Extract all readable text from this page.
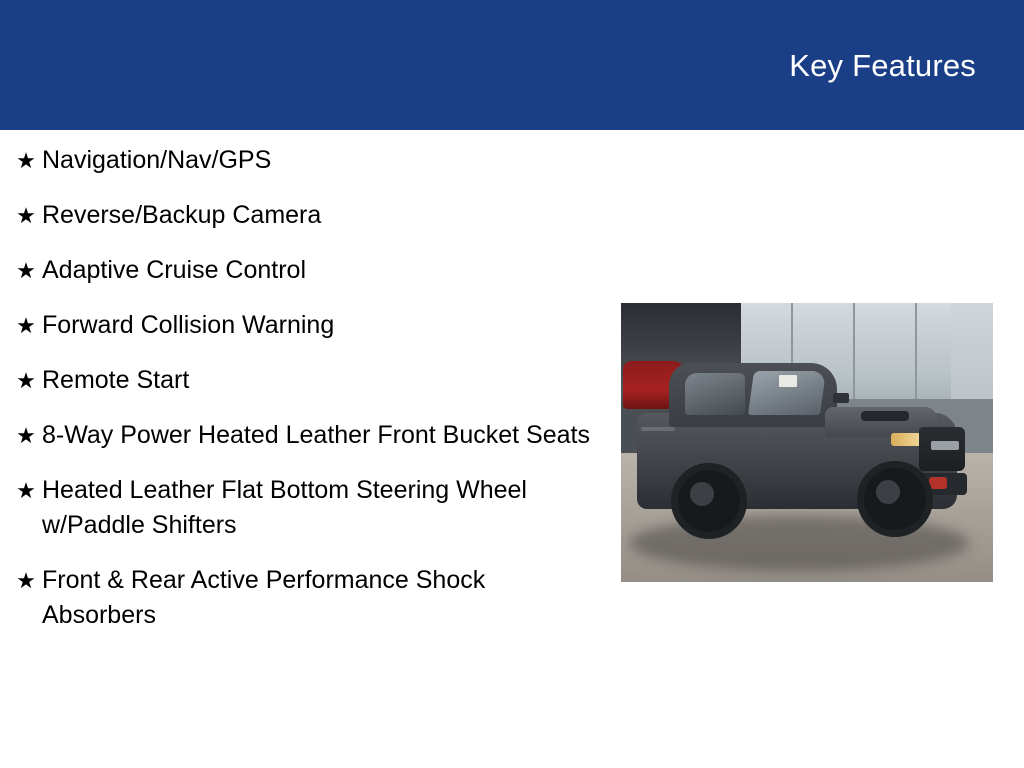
Key Features
★ Navigation/Nav/GPS
★ Reverse/Backup Camera
★ Adaptive Cruise Control
★ Forward Collision Warning
★ Remote Start
★ 8-Way Power Heated Leather Front Bucket Seats
★ Heated Leather Flat Bottom Steering Wheel w/Paddle Shifters
★ Front & Rear Active Performance Shock Absorbers
